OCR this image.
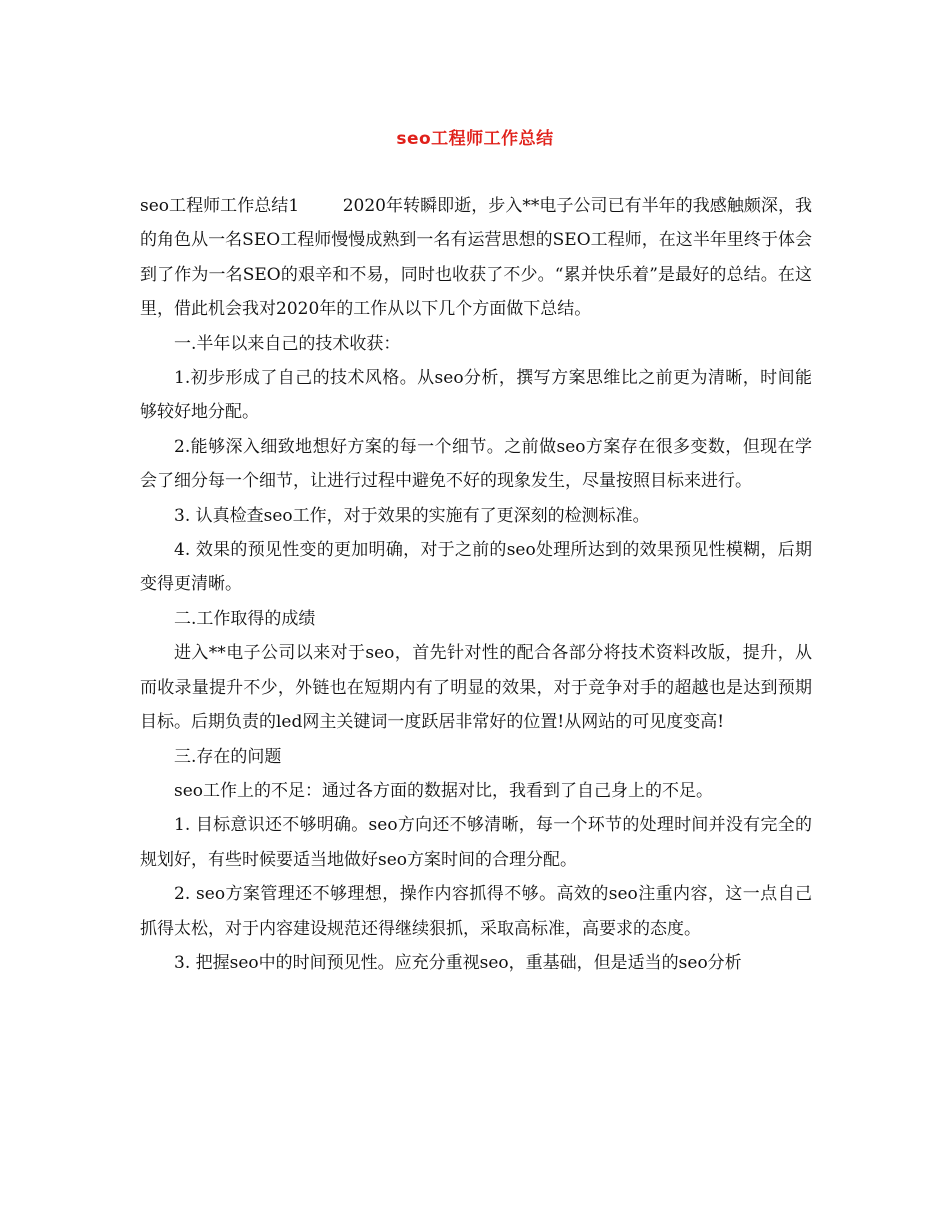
seo工程师工作总结

seo工程师工作总结1	2020年转瞬即逝，步入**电子公司已有半年的我感触颇深，我的角色从一名SEO工程师慢慢成熟到一名有运营思想的SEO工程师，在这半年里终于体会到了作为一名SEO的艰辛和不易，同时也收获了不少。“累并快乐着”是最好的总结。在这里，借此机会我对2020年的工作从以下几个方面做下总结。

一.半年以来自己的技术收获：

1.初步形成了自己的技术风格。从seo分析，撰写方案思维比之前更为清晰，时间能够较好地分配。

2.能够深入细致地想好方案的每一个细节。之前做seo方案存在很多变数，但现在学会了细分每一个细节，让进行过程中避免不好的现象发生，尽量按照目标来进行。

3. 认真检查seo工作，对于效果的实施有了更深刻的检测标准。

4. 效果的预见性变的更加明确，对于之前的seo处理所达到的效果预见性模糊，后期变得更清晰。

二.工作取得的成绩

进入**电子公司以来对于seo，首先针对性的配合各部分将技术资料改版，提升，从而收录量提升不少，外链也在短期内有了明显的效果，对于竞争对手的超越也是达到预期目标。后期负责的led网主关键词一度跃居非常好的位置!从网站的可见度变高!

三.存在的问题

seo工作上的不足：通过各方面的数据对比，我看到了自己身上的不足。

1. 目标意识还不够明确。seo方向还不够清晰，每一个环节的处理时间并没有完全的规划好，有些时候要适当地做好seo方案时间的合理分配。

2. seo方案管理还不够理想，操作内容抓得不够。高效的seo注重内容，这一点自己抓得太松，对于内容建设规范还得继续狠抓，采取高标准，高要求的态度。

3. 把握seo中的时间预见性。应充分重视seo，重基础，但是适当的seo分析
